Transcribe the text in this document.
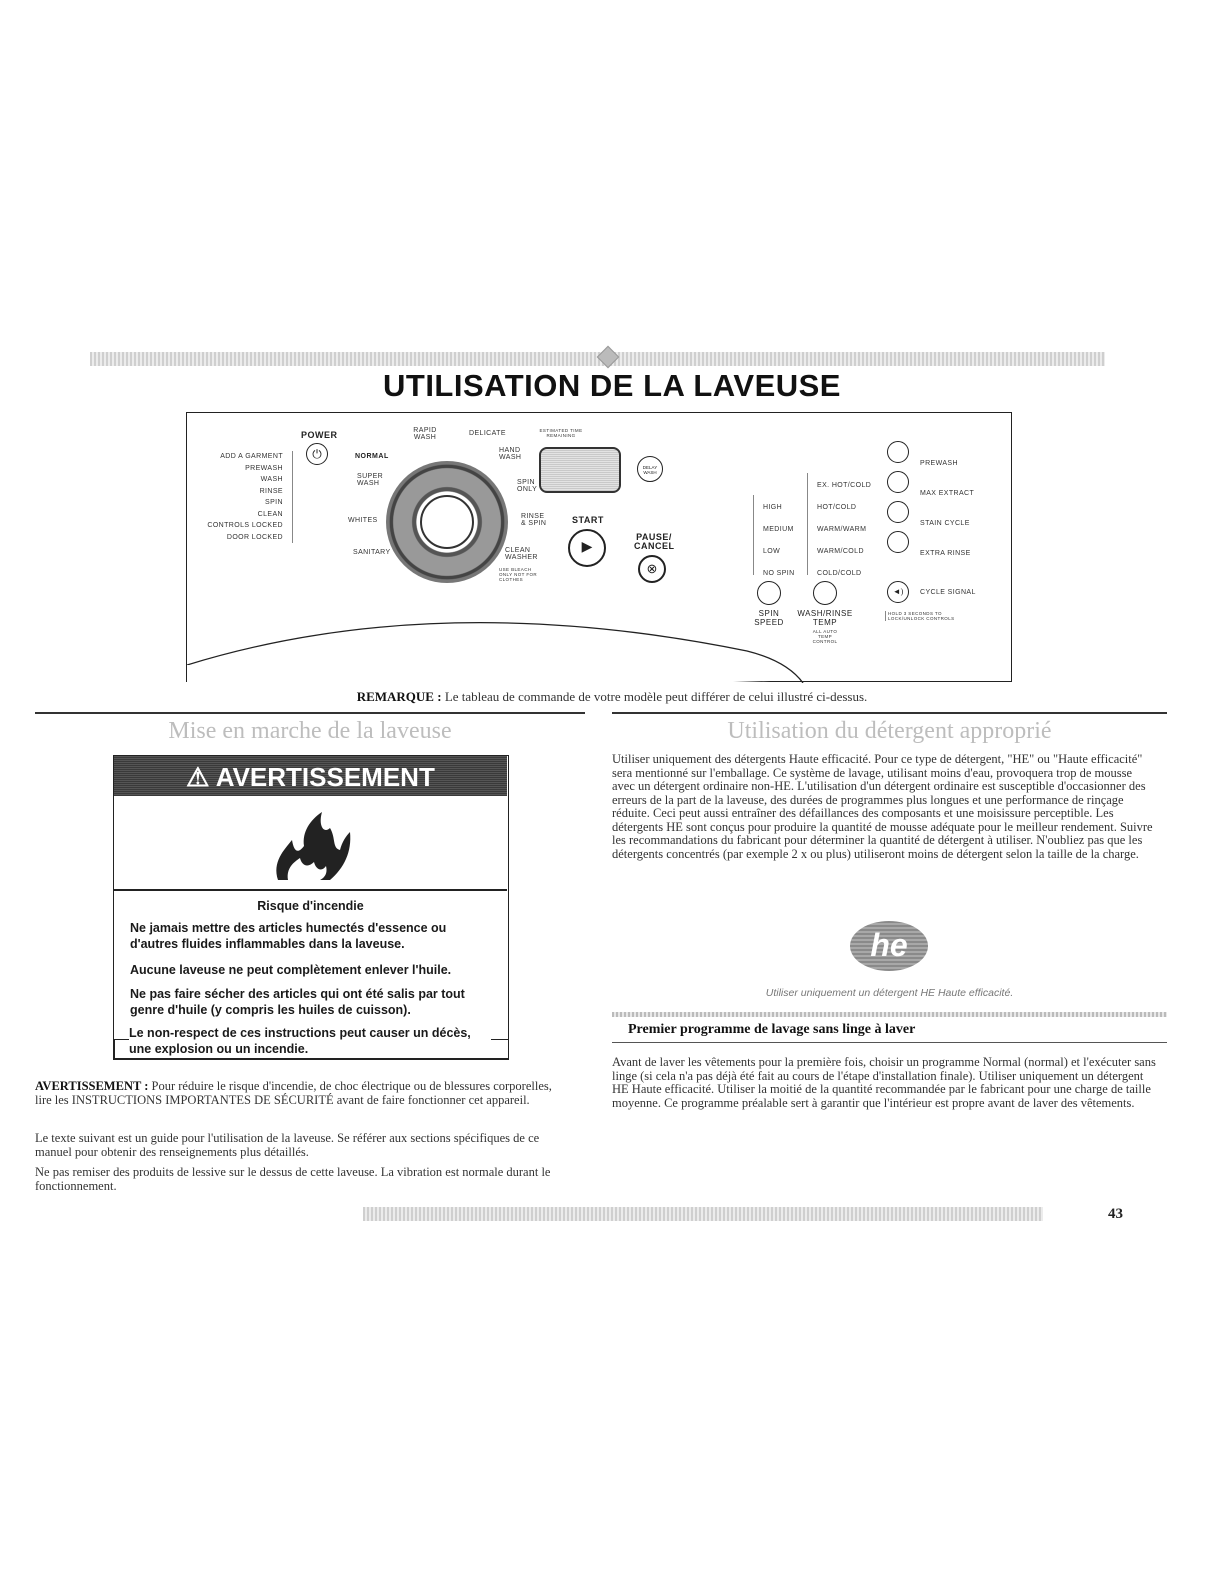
UTILISATION DE LA LAVEUSE
POWER
⏻
ADD A GARMENT
PREWASH
WASH
RINSE
SPIN
CLEAN
CONTROLS LOCKED
DOOR LOCKED
RAPID WASH
DELICATE
HAND WASH
NORMAL
SUPER WASH	SPIN ONLY
WHITES
RINSE & SPIN
SANITARY	CLEAN WASHER
USE BLEACH ONLY NOT FOR CLOTHES
ESTIMATED TIME REMAINING
DELAY WASH
START
▶
PAUSE/ CANCEL
⊗
HIGH
MEDIUM
LOW
NO SPIN
EX. HOT/COLD
HOT/COLD
WARM/WARM
WARM/COLD
COLD/COLD
SPIN SPEED
WASH/RINSE TEMP
ALL AUTO TEMP CONTROL
◄)
PREWASH
MAX EXTRACT
STAIN CYCLE
EXTRA RINSE
CYCLE SIGNAL
HOLD 3 SECONDS TO LOCK/UNLOCK CONTROLS
REMARQUE : Le tableau de commande de votre modèle peut différer de celui illustré ci-dessus.
Mise en marche de la laveuse
⚠ AVERTISSEMENT
Risque d'incendie
Ne jamais mettre des articles humectés d'essence ou d'autres fluides inflammables dans la laveuse.
Aucune laveuse ne peut complètement enlever l'huile.
Ne pas faire sécher des articles qui ont été salis par tout genre d'huile (y compris les huiles de cuisson).
Le non-respect de ces instructions peut causer un décès, une explosion ou un incendie.
AVERTISSEMENT : Pour réduire le risque d'incendie, de choc électrique ou de blessures corporelles, lire les INSTRUCTIONS IMPORTANTES DE SÉCURITÉ avant de faire fonctionner cet appareil.
Le texte suivant est un guide pour l'utilisation de la laveuse. Se référer aux sections spécifiques de ce manuel pour obtenir des renseignements plus détaillés.
Ne pas remiser des produits de lessive sur le dessus de cette laveuse. La vibration est normale durant le fonctionnement.
Utilisation du détergent approprié
Utiliser uniquement des détergents Haute efficacité. Pour ce type de détergent, "HE" ou "Haute efficacité" sera mentionné sur l'emballage. Ce système de lavage, utilisant moins d'eau, provoquera trop de mousse avec un détergent ordinaire non-HE. L'utilisation d'un détergent ordinaire est susceptible d'occasionner des erreurs de la part de la laveuse, des durées de programmes plus longues et une performance de rinçage réduite. Ceci peut aussi entraîner des défaillances des composants et une moisissure perceptible. Les détergents HE sont conçus pour produire la quantité de mousse adéquate pour le meilleur rendement. Suivre les recommandations du fabricant pour déterminer la quantité de détergent à utiliser. N'oubliez pas que les détergents concentrés (par exemple 2 x ou plus) utiliseront moins de détergent selon la taille de la charge.
he
Utiliser uniquement un détergent HE Haute efficacité.
Premier programme de lavage sans linge à laver
Avant de laver les vêtements pour la première fois, choisir un programme Normal (normal) et l'exécuter sans linge (si cela n'a pas déjà été fait au cours de l'étape d'installation finale). Utiliser uniquement un détergent HE Haute efficacité. Utiliser la moitié de la quantité recommandée par le fabricant pour une charge de taille moyenne. Ce programme préalable sert à garantir que l'intérieur est propre avant de laver des vêtements.
43
